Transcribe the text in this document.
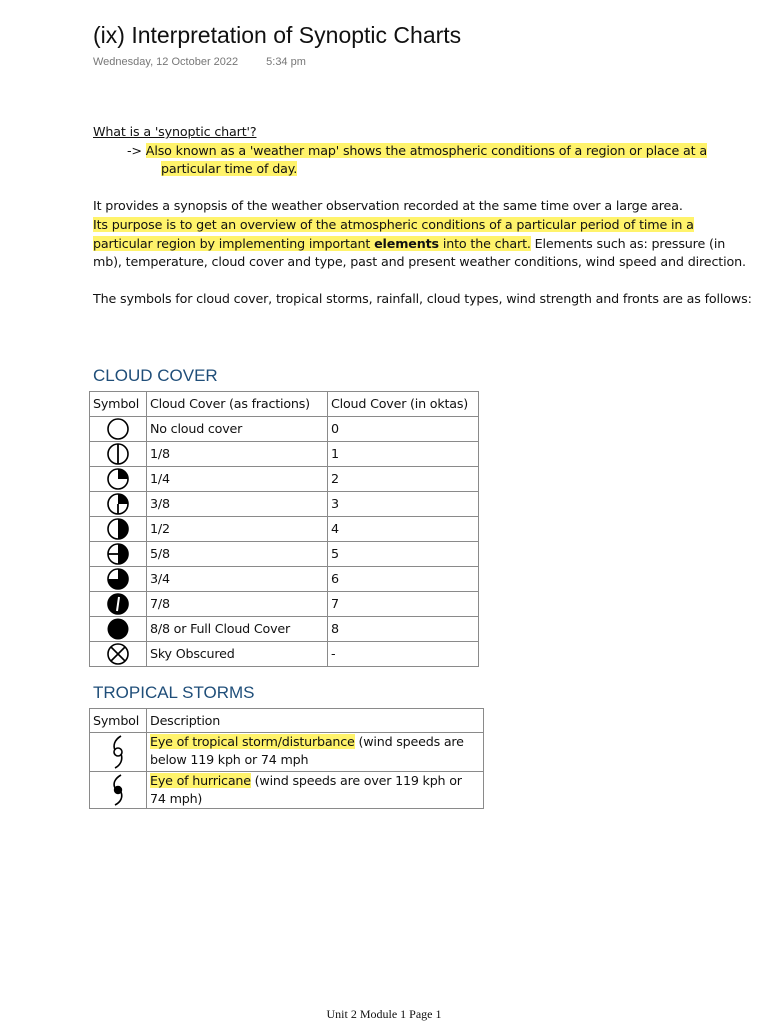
(ix) Interpretation of Synoptic Charts
Wednesday, 12 October 2022	5:34 pm

What is a 'synoptic chart'?

-> Also known as a 'weather map' shows the atmospheric conditions of a region or place at a particular time of day.

It provides a synopsis of the weather observation recorded at the same time over a large area.
Its purpose is to get an overview of the atmospheric conditions of a particular period of time in a particular region by implementing important elements into the chart. Elements such as: pressure (in mb), temperature, cloud cover and type, past and present weather conditions, wind speed and direction.

The symbols for cloud cover, tropical storms, rainfall, cloud types, wind strength and fronts are as follows:

CLOUD COVER
Symbol	Cloud Cover (as fractions)	Cloud Cover (in oktas)

	No cloud cover	0

	1/8	1

	1/4	2

	3/8	3

	1/2	4

	5/8	5

	3/4	6

	7/8	7

	8/8 or Full Cloud Cover	8

	Sky Obscured	-
TROPICAL STORMS
Symbol	Description

	Eye of tropical storm/disturbance (wind speeds are below 119 kph or 74 mph

	Eye of hurricane (wind speeds are over 119 kph or 74 mph)
Unit 2 Module 1 Page 1
